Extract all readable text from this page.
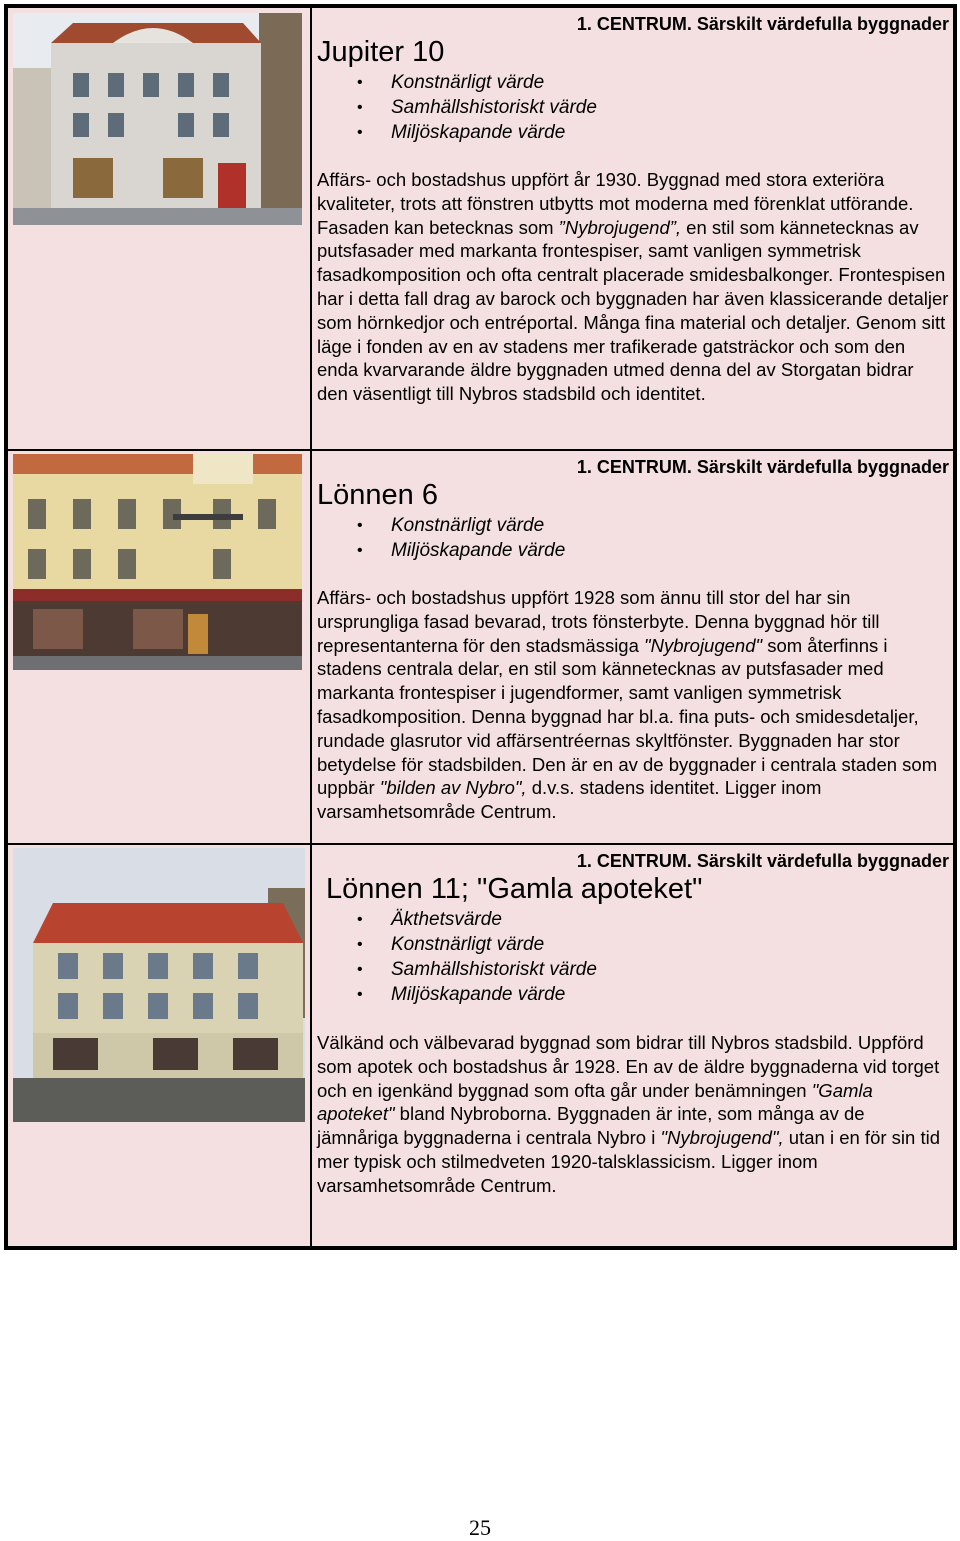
1. CENTRUM. Särskilt värdefulla byggnader
Jupiter 10
• Konstnärligt värde
• Samhällshistoriskt värde
• Miljöskapande värde

Affärs- och bostadshus uppfört år 1930. Byggnad med stora exteriöra kvaliteter, trots att fönstren utbytts mot moderna med förenklat utförande. Fasaden kan betecknas som ”Nybrojugend”, en stil som kännetecknas av putsfasader med markanta frontespiser, samt vanligen symmetrisk fasadkomposition och ofta centralt placerade smidesbalkonger. Frontespisen har i detta fall drag av barock och byggnaden har även klassicerande detaljer som hörnkedjor och entréportal. Många fina material och detaljer. Genom sitt läge i fonden av en av stadens mer trafikerade gatsträckor och som den enda kvarvarande äldre byggnaden utmed denna del av Storgatan bidrar den väsentligt till Nybros stadsbild och identitet.

1. CENTRUM. Särskilt värdefulla byggnader
Lönnen 6
• Konstnärligt värde
• Miljöskapande värde

Affärs- och bostadshus uppfört 1928 som ännu till stor del har sin ursprungliga fasad bevarad, trots fönsterbyte. Denna byggnad hör till representanterna för den stadsmässiga "Nybrojugend" som återfinns i stadens centrala delar, en stil som kännetecknas av putsfasader med markanta frontespiser i jugendformer, samt vanligen symmetrisk fasadkomposition. Denna byggnad har bl.a. fina puts- och smidesdetaljer, rundade glasrutor vid affärsentréernas skyltfönster. Byggnaden har stor betydelse för stadsbilden. Den är en av de byggnader i centrala staden som uppbär "bilden av Nybro", d.v.s. stadens identitet. Ligger inom varsamhetsområde Centrum.

1. CENTRUM. Särskilt värdefulla byggnader
Lönnen 11; "Gamla apoteket"
• Äkthetsvärde
• Konstnärligt värde
• Samhällshistoriskt värde
• Miljöskapande värde

Välkänd och välbevarad byggnad som bidrar till Nybros stadsbild. Uppförd som apotek och bostadshus år 1928. En av de äldre byggnaderna vid torget och en igenkänd byggnad som ofta går under benämningen "Gamla apoteket" bland Nybroborna. Byggnaden är inte, som många av de jämnåriga byggnaderna i centrala Nybro i "Nybrojugend", utan i en för sin tid mer typisk och stilmedveten 1920-talsklassicism. Ligger inom varsamhetsområde Centrum.

25
